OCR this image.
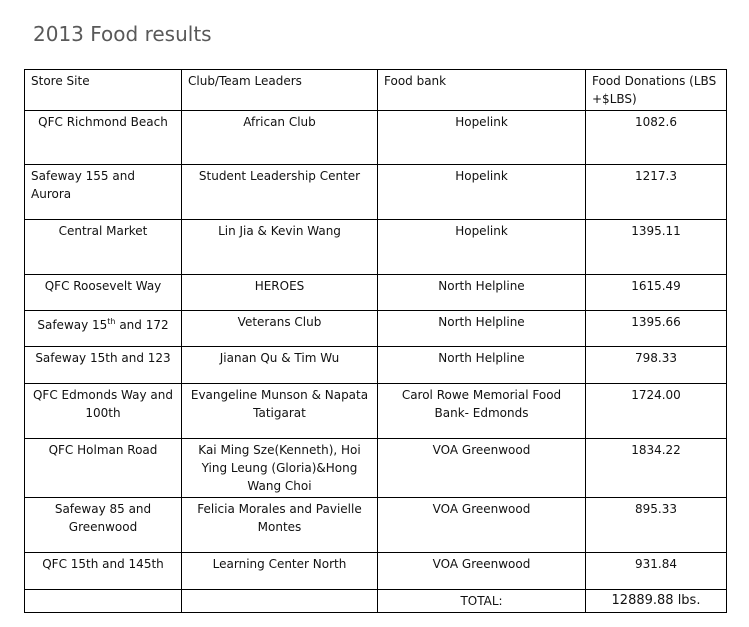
2013 Food results
Store Site	Club/Team Leaders	Food bank	Food Donations (LBS +$LBS)
QFC Richmond Beach	African Club	Hopelink	1082.6
Safeway 155 and Aurora	Student Leadership Center	Hopelink	1217.3
Central Market	Lin Jia & Kevin Wang	Hopelink	1395.11
QFC Roosevelt Way	HEROES	North Helpline	1615.49
Safeway 15th and 172	Veterans Club	North Helpline	1395.66
Safeway 15th and 123	Jianan Qu & Tim Wu	North Helpline	798.33
QFC Edmonds Way and 100th	Evangeline Munson & Napata Tatigarat	Carol Rowe Memorial Food Bank- Edmonds	1724.00
QFC Holman Road	Kai Ming Sze(Kenneth), Hoi Ying Leung (Gloria)&Hong Wang Choi	VOA Greenwood	1834.22
Safeway 85 and Greenwood	Felicia Morales and Pavielle Montes	VOA Greenwood	895.33
QFC 15th and 145th	Learning Center North	VOA Greenwood	931.84
		TOTAL:	12889.88 lbs.
